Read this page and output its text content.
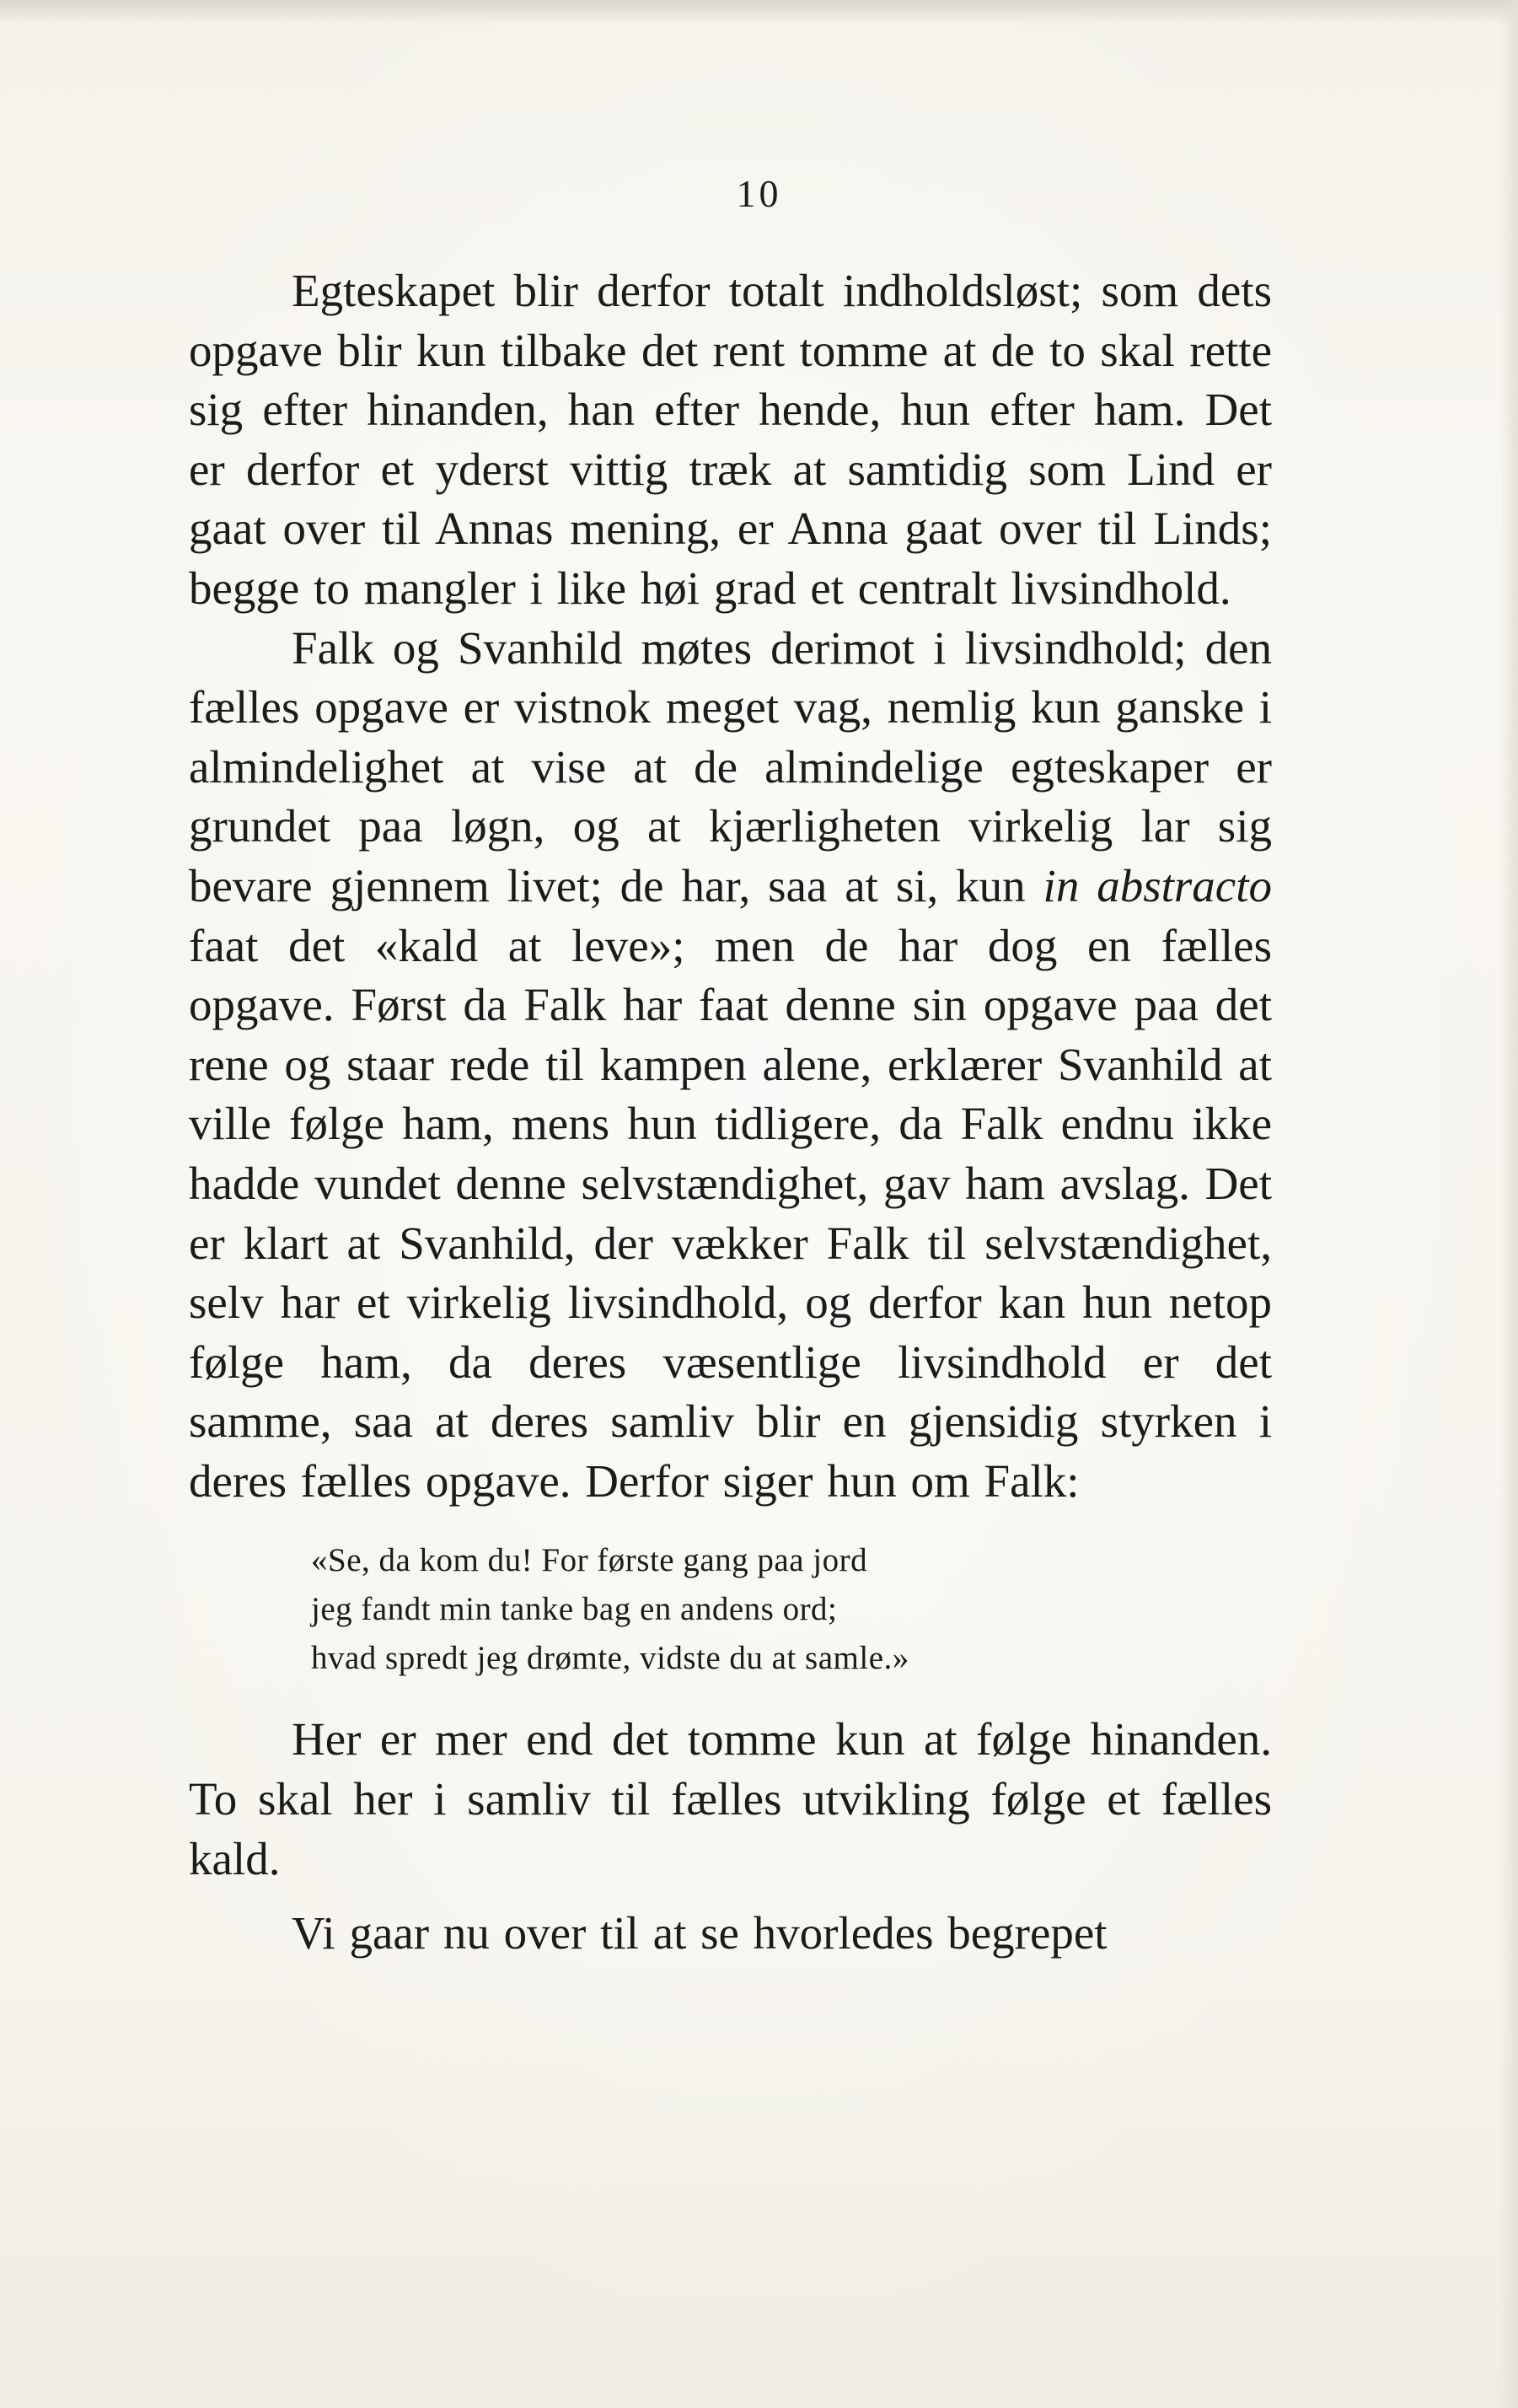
10

Egteskapet blir derfor totalt indholdsløst; som dets opgave blir kun tilbake det rent tomme at de to skal rette sig efter hinanden, han efter hende, hun efter ham. Det er derfor et yderst vittig træk at samtidig som Lind er gaat over til Annas mening, er Anna gaat over til Linds; begge to mangler i like høi grad et centralt livsindhold.

Falk og Svanhild møtes derimot i livsindhold; den fælles opgave er vistnok meget vag, nemlig kun ganske i almindelighet at vise at de almindelige egteskaper er grundet paa løgn, og at kjærligheten virkelig lar sig bevare gjennem livet; de har, saa at si, kun in abstracto faat det «kald at leve»; men de har dog en fælles opgave. Først da Falk har faat denne sin opgave paa det rene og staar rede til kampen alene, erklærer Svanhild at ville følge ham, mens hun tidligere, da Falk endnu ikke hadde vundet denne selvstændighet, gav ham avslag. Det er klart at Svanhild, der vækker Falk til selvstændighet, selv har et virkelig livsindhold, og derfor kan hun netop følge ham, da deres væsentlige livsindhold er det samme, saa at deres samliv blir en gjensidig styrken i deres fælles opgave. Derfor siger hun om Falk:

«Se, da kom du! For første gang paa jord
jeg fandt min tanke bag en andens ord;
hvad spredt jeg drømte, vidste du at samle.»

Her er mer end det tomme kun at følge hinanden. To skal her i samliv til fælles utvikling følge et fælles kald.

Vi gaar nu over til at se hvorledes begrepet
